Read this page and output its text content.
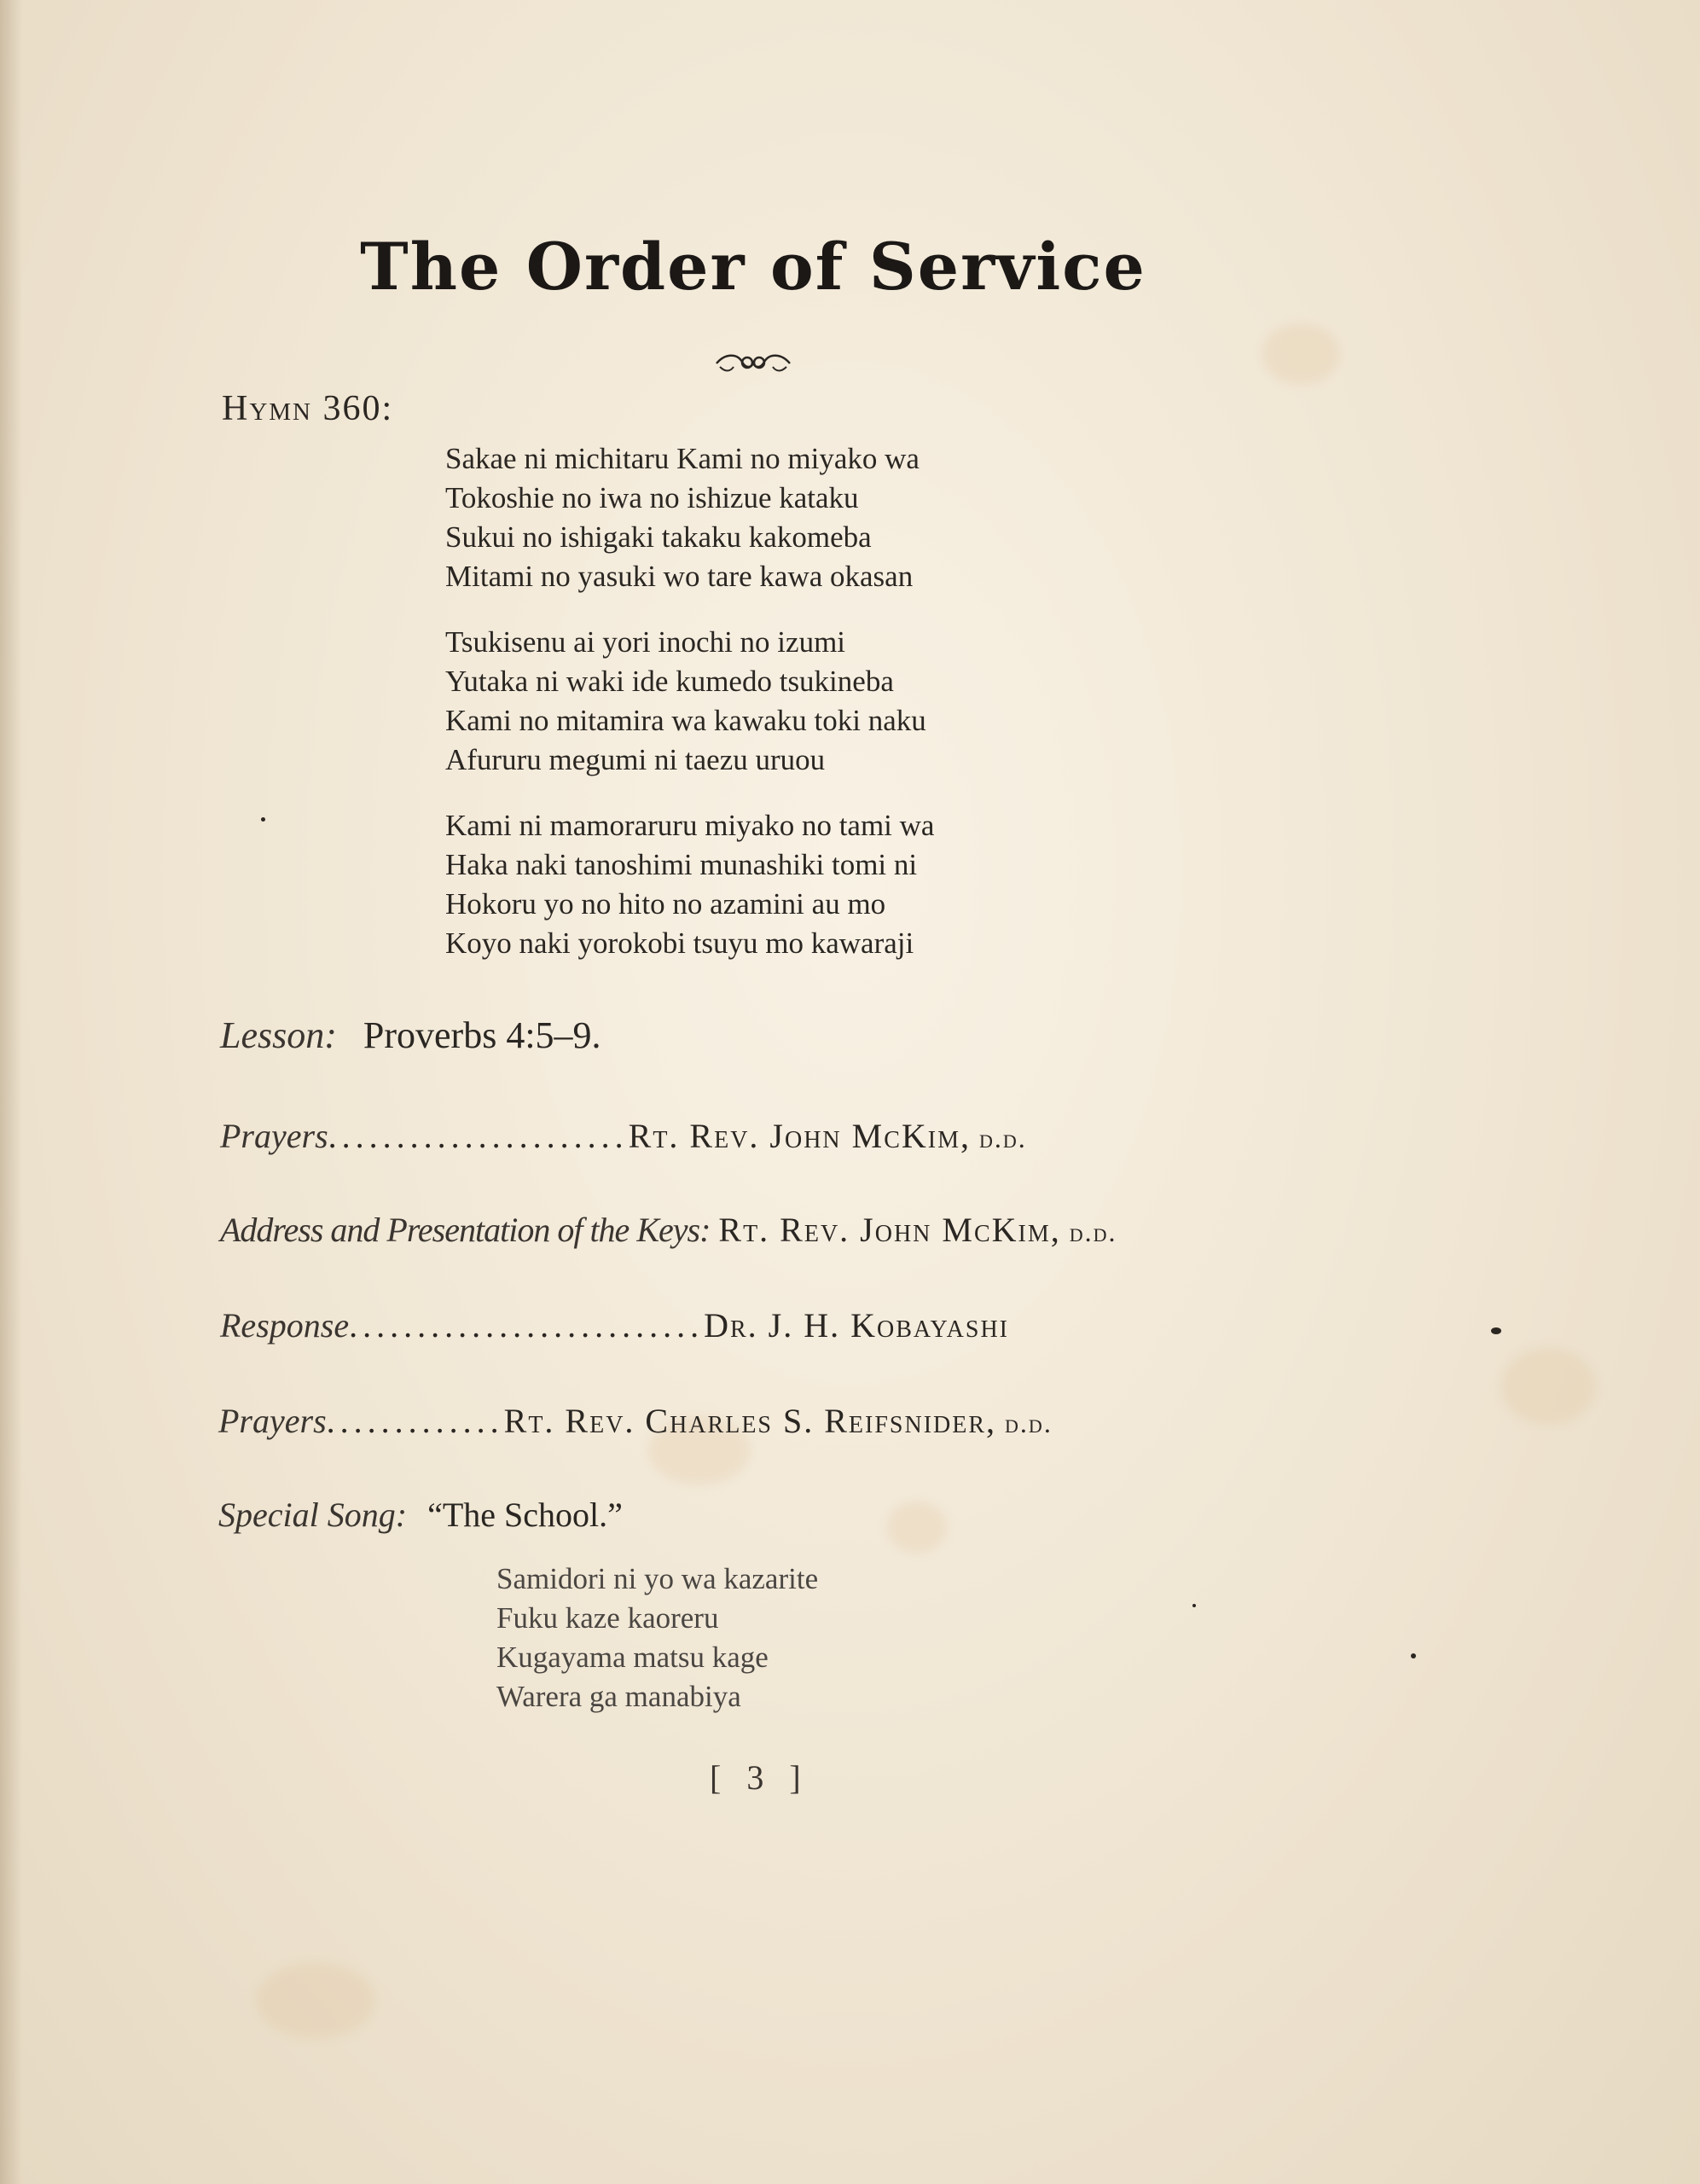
The Order of Service
Hymn 360:
Sakae ni michitaru Kami no miyako wa
Tokoshie no iwa no ishizue kataku
Sukui no ishigaki takaku kakomeba
Mitami no yasuki wo tare kawa okasan
Tsukisenu ai yori inochi no izumi
Yutaka ni waki ide kumedo tsukineba
Kami no mitamira wa kawaku toki naku
Afururu megumi ni taezu uruou
Kami ni mamoraruru miyako no tami wa
Haka naki tanoshimi munashiki tomi ni
Hokoru yo no hito no azamini au mo
Koyo naki yorokobi tsuyu mo kawaraji
Lesson: Proverbs 4:5–9.
Prayers......................Rt. Rev. John McKim, d.d.
Address and Presentation of the Keys: Rt. Rev. John McKim, d.d.
Response..........................Dr. J. H. Kobayashi
Prayers.............Rt. Rev. Charles S. Reifsnider, d.d.
Special Song: “The School.”
Samidori ni yo wa kazarite
Fuku kaze kaoreru
Kugayama matsu kage
Warera ga manabiya
[ 3 ]
